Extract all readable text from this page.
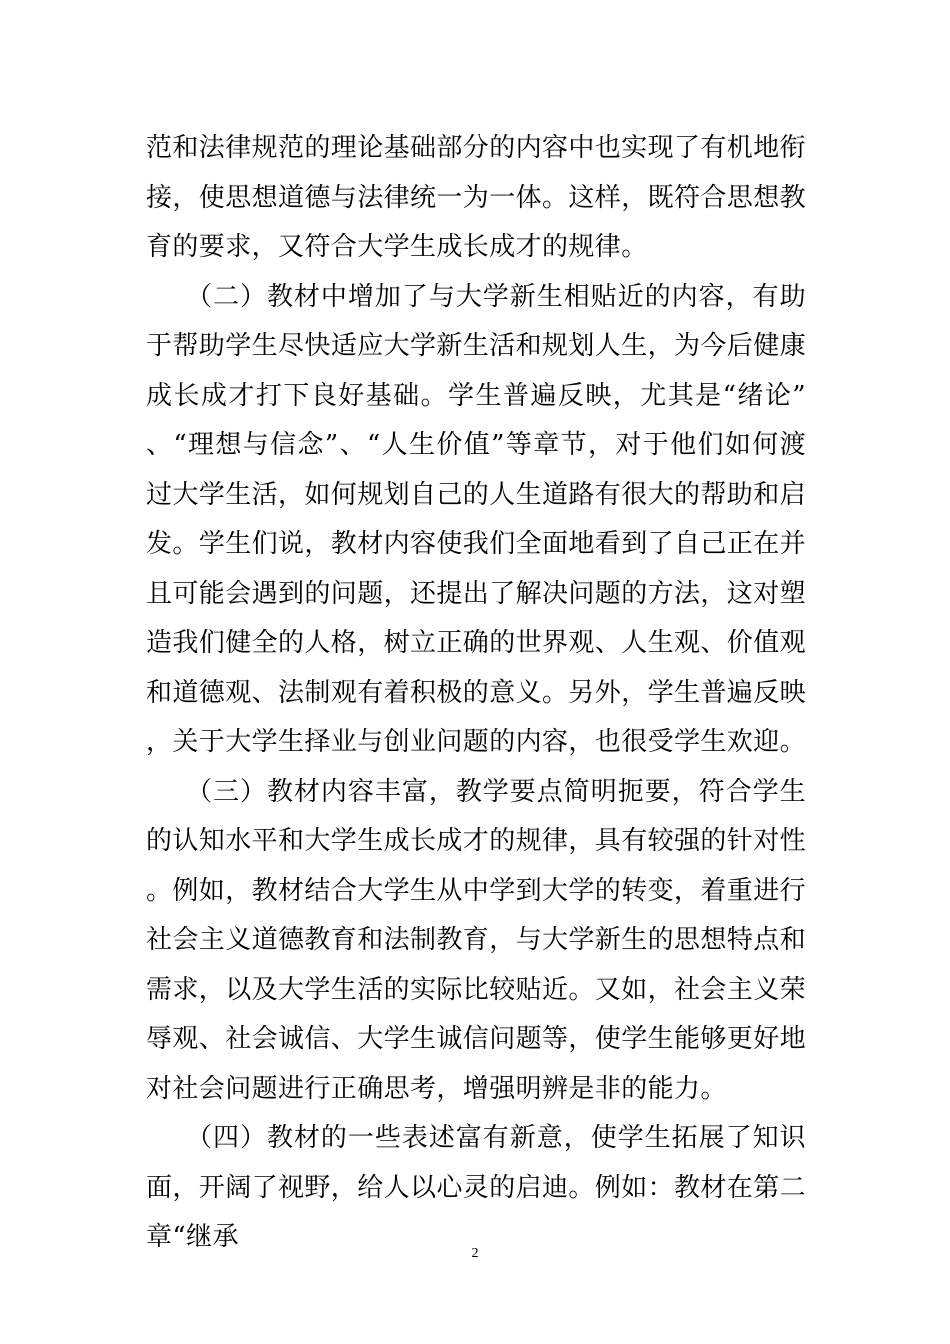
范和法律规范的理论基础部分的内容中也实现了有机地衔接，使思想道德与法律统一为一体。这样，既符合思想教育的要求，又符合大学生成长成才的规律。

（二）教材中增加了与大学新生相贴近的内容，有助于帮助学生尽快适应大学新生活和规划人生，为今后健康成长成才打下良好基础。学生普遍反映，尤其是“绪论”、“理想与信念”、“人生价值”等章节，对于他们如何渡过大学生活，如何规划自己的人生道路有很大的帮助和启发。学生们说，教材内容使我们全面地看到了自己正在并且可能会遇到的问题，还提出了解决问题的方法，这对塑造我们健全的人格，树立正确的世界观、人生观、价值观和道德观、法制观有着积极的意义。另外，学生普遍反映，关于大学生择业与创业问题的内容，也很受学生欢迎。

（三）教材内容丰富，教学要点简明扼要，符合学生的认知水平和大学生成长成才的规律，具有较强的针对性。例如，教材结合大学生从中学到大学的转变，着重进行社会主义道德教育和法制教育，与大学新生的思想特点和需求，以及大学生活的实际比较贴近。又如，社会主义荣辱观、社会诚信、大学生诚信问题等，使学生能够更好地对社会问题进行正确思考，增强明辨是非的能力。

（四）教材的一些表述富有新意，使学生拓展了知识面，开阔了视野，给人以心灵的启迪。例如：教材在第二章“继承

2
